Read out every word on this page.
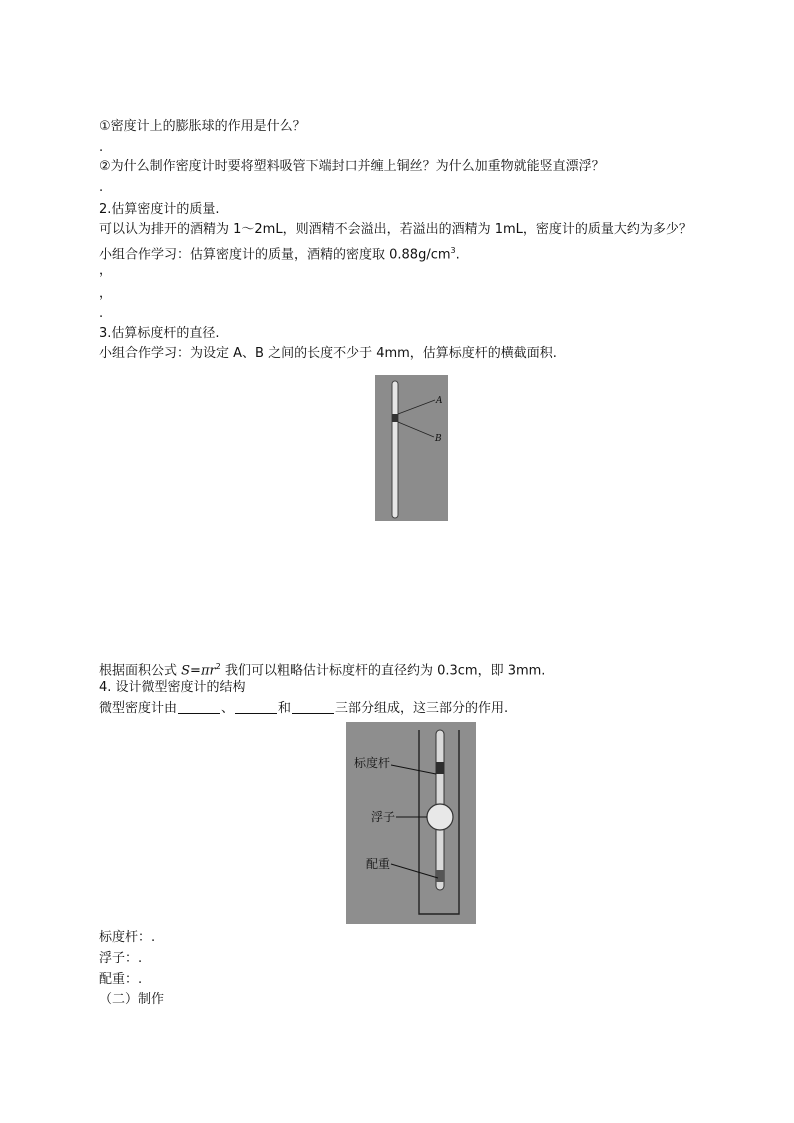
①密度计上的膨胀球的作用是什么？
.
②为什么制作密度计时要将塑料吸管下端封口并缠上铜丝？为什么加重物就能竖直漂浮？
.
2.估算密度计的质量.
可以认为排开的酒精为 1～2mL，则酒精不会溢出，若溢出的酒精为 1mL，密度计的质量大约为多少？
小组合作学习：估算密度计的质量，酒精的密度取 $0.88g/cm^3$.
，
，
.
3.估算标度杆的直径.
小组合作学习：为设定 A、B 之间的长度不少于 4mm，估算标度杆的横截面积.
A
B
根据面积公式 $S=\pi r^2$ 我们可以粗略估计标度杆的直径约为 0.3cm，即 3mm.
4. 设计微型密度计的结构
微型密度计由	、	和	三部分组成，这三部分的作用.
标度杆
浮子
配重
标度杆：.
浮子：.
配重：.
（二）制作
